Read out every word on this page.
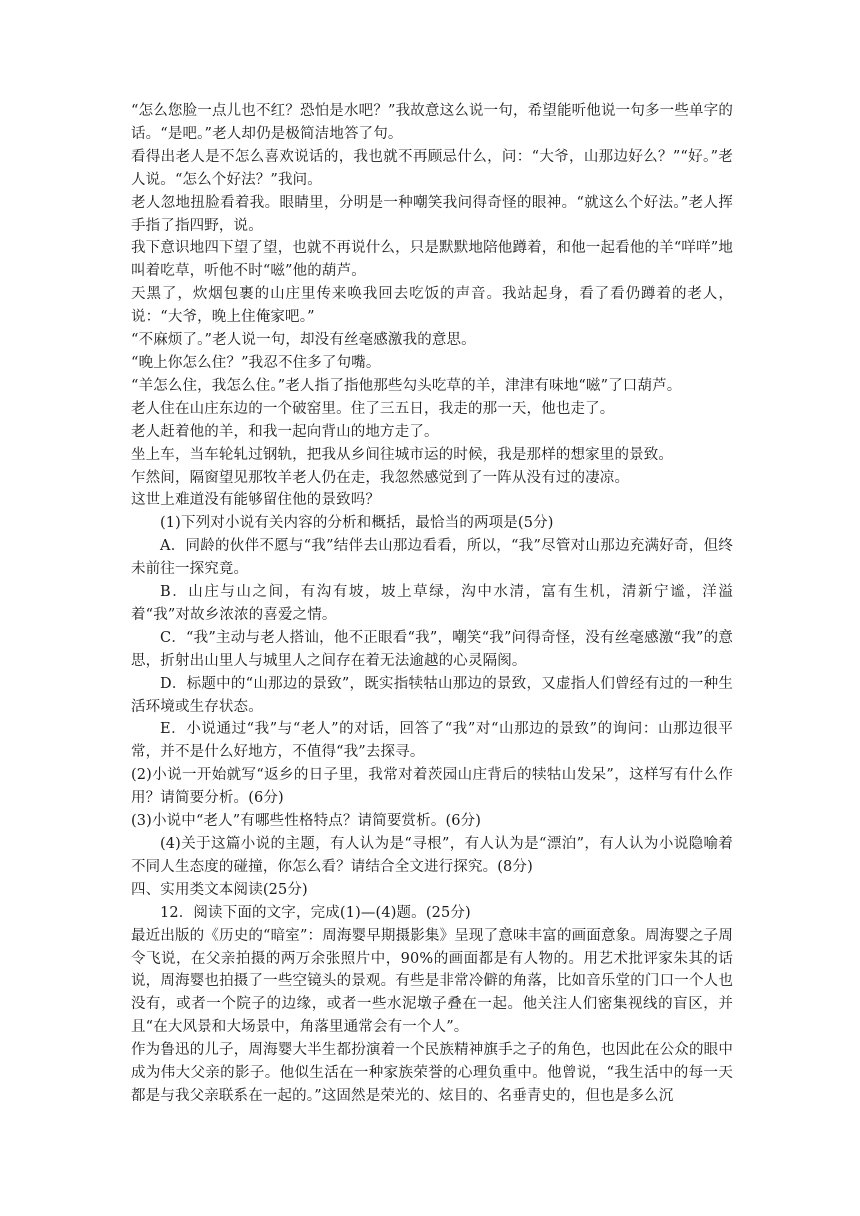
“怎么您脸一点儿也不红？恐怕是水吧？”我故意这么说一句，希望能听他说一句多一些单字的话。“是吧。”老人却仍是极简洁地答了句。

看得出老人是不怎么喜欢说话的，我也就不再顾忌什么，问：“大爷，山那边好么？”“好。”老人说。“怎么个好法？”我问。

老人忽地扭脸看着我。眼睛里，分明是一种嘲笑我问得奇怪的眼神。“就这么个好法。”老人挥手指了指四野，说。

我下意识地四下望了望，也就不再说什么，只是默默地陪他蹲着，和他一起看他的羊“咩咩”地叫着吃草，听他不时“嗞”他的葫芦。

天黑了，炊烟包裹的山庄里传来唤我回去吃饭的声音。我站起身，看了看仍蹲着的老人，说：“大爷，晚上住俺家吧。”

“不麻烦了。”老人说一句，却没有丝毫感激我的意思。

“晚上你怎么住？”我忍不住多了句嘴。

“羊怎么住，我怎么住。”老人指了指他那些勾头吃草的羊，津津有味地“嗞”了口葫芦。

老人住在山庄东边的一个破窑里。住了三五日，我走的那一天，他也走了。

老人赶着他的羊，和我一起向背山的地方走了。

坐上车，当车轮轧过钢轨，把我从乡间往城市运的时候，我是那样的想家里的景致。

乍然间，隔窗望见那牧羊老人仍在走，我忽然感觉到了一阵从没有过的凄凉。

这世上难道没有能够留住他的景致吗？

(1)下列对小说有关内容的分析和概括，最恰当的两项是(5分)

A．同龄的伙伴不愿与“我”结伴去山那边看看，所以，“我”尽管对山那边充满好奇，但终未前往一探究竟。

B．山庄与山之间，有沟有坡，坡上草绿，沟中水清，富有生机，清新宁谧，洋溢着“我”对故乡浓浓的喜爱之情。

C．“我”主动与老人搭讪，他不正眼看“我”，嘲笑“我”问得奇怪，没有丝毫感激“我”的意思，折射出山里人与城里人之间存在着无法逾越的心灵隔阂。

D．标题中的“山那边的景致”，既实指犊牯山那边的景致，又虚指人们曾经有过的一种生活环境或生存状态。

E．小说通过“我”与“老人”的对话，回答了“我”对“山那边的景致”的询问：山那边很平常，并不是什么好地方，不值得“我”去探寻。

(2)小说一开始就写“返乡的日子里，我常对着茨园山庄背后的犊牯山发呆”，这样写有什么作用？请简要分析。(6分)

(3)小说中“老人”有哪些性格特点？请简要赏析。(6分)

(4)关于这篇小说的主题，有人认为是“寻根”，有人认为是“漂泊”，有人认为小说隐喻着不同人生态度的碰撞，你怎么看？请结合全文进行探究。(8分)

四、实用类文本阅读(25分)

12．阅读下面的文字，完成(1)—(4)题。(25分)

最近出版的《历史的“暗室”：周海婴早期摄影集》呈现了意味丰富的画面意象。周海婴之子周令飞说，在父亲拍摄的两万余张照片中，90%的画面都是有人物的。用艺术批评家朱其的话说，周海婴也拍摄了一些空镜头的景观。有些是非常冷僻的角落，比如音乐堂的门口一个人也没有，或者一个院子的边缘，或者一些水泥墩子叠在一起。他关注人们密集视线的盲区，并且“在大风景和大场景中，角落里通常会有一个人”。

作为鲁迅的儿子，周海婴大半生都扮演着一个民族精神旗手之子的角色，也因此在公众的眼中成为伟大父亲的影子。他似生活在一种家族荣誉的心理负重中。他曾说，“我生活中的每一天都是与我父亲联系在一起的。”这固然是荣光的、炫目的、名垂青史的，但也是多么沉
